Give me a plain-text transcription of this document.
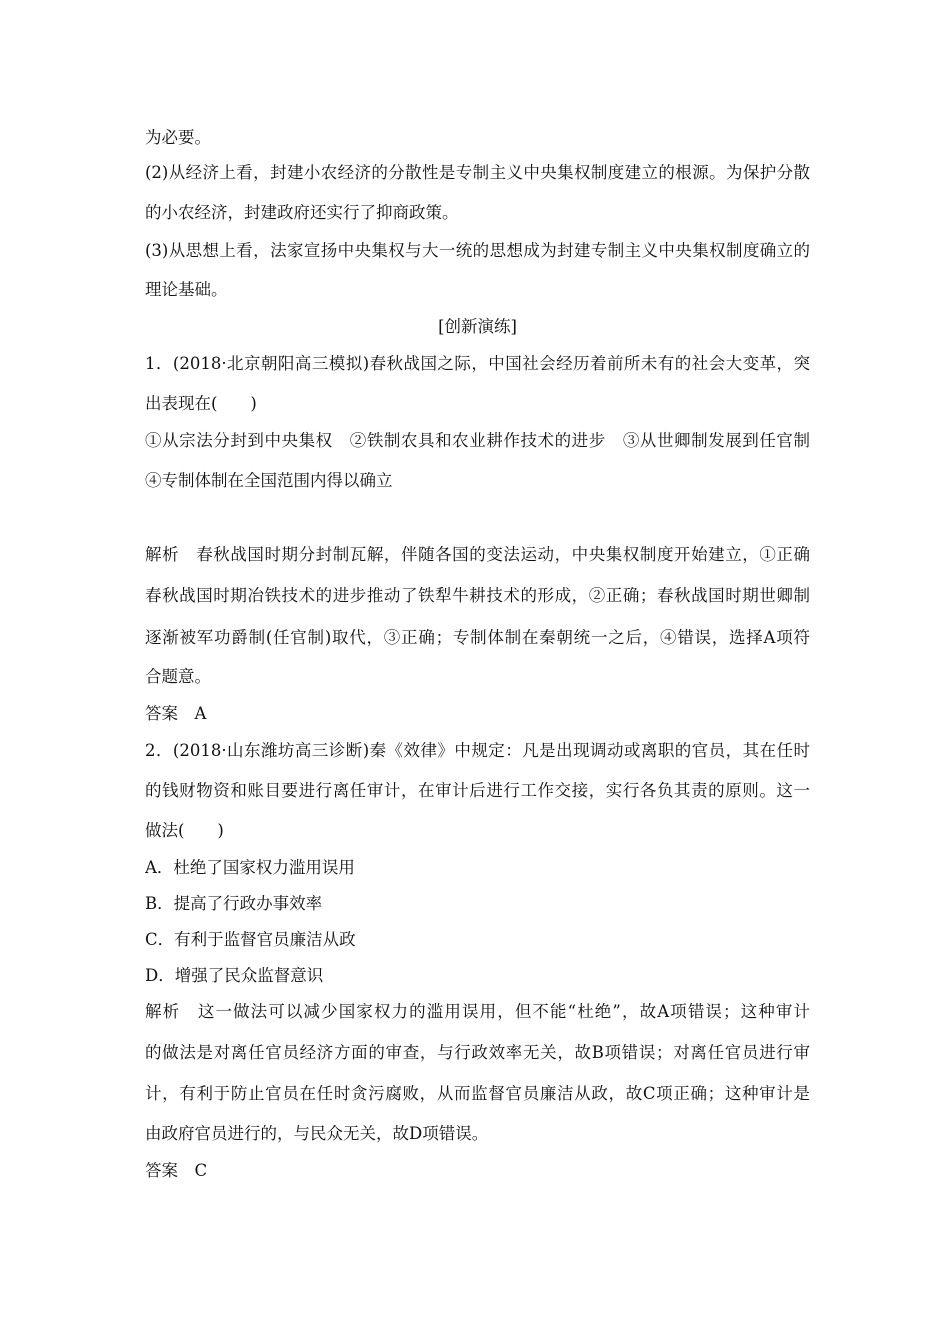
为必要。
(2)从经济上看，封建小农经济的分散性是专制主义中央集权制度建立的根源。为保护分散
的小农经济，封建政府还实行了抑商政策。
(3)从思想上看，法家宣扬中央集权与大一统的思想成为封建专制主义中央集权制度确立的
理论基础。
[创新演练]
1．(2018·北京朝阳高三模拟)春秋战国之际，中国社会经历着前所未有的社会大变革，突
出表现在(　　)
①从宗法分封到中央集权　②铁制农具和农业耕作技术的进步　③从世卿制发展到任官制
④专制体制在全国范围内得以确立
解析　春秋战国时期分封制瓦解，伴随各国的变法运动，中央集权制度开始建立，①正确
春秋战国时期冶铁技术的进步推动了铁犁牛耕技术的形成，②正确；春秋战国时期世卿制
逐渐被军功爵制(任官制)取代，③正确；专制体制在秦朝统一之后，④错误，选择A项符
合题意。
答案　A
2．(2018·山东潍坊高三诊断)秦《效律》中规定：凡是出现调动或离职的官员，其在任时
的钱财物资和账目要进行离任审计，在审计后进行工作交接，实行各负其责的原则。这一
做法(　　)
A．杜绝了国家权力滥用误用
B．提高了行政办事效率
C．有利于监督官员廉洁从政
D．增强了民众监督意识
解析　这一做法可以减少国家权力的滥用误用，但不能“杜绝”，故A项错误；这种审计
的做法是对离任官员经济方面的审查，与行政效率无关，故B项错误；对离任官员进行审
计，有利于防止官员在任时贪污腐败，从而监督官员廉洁从政，故C项正确；这种审计是
由政府官员进行的，与民众无关，故D项错误。
答案　C
